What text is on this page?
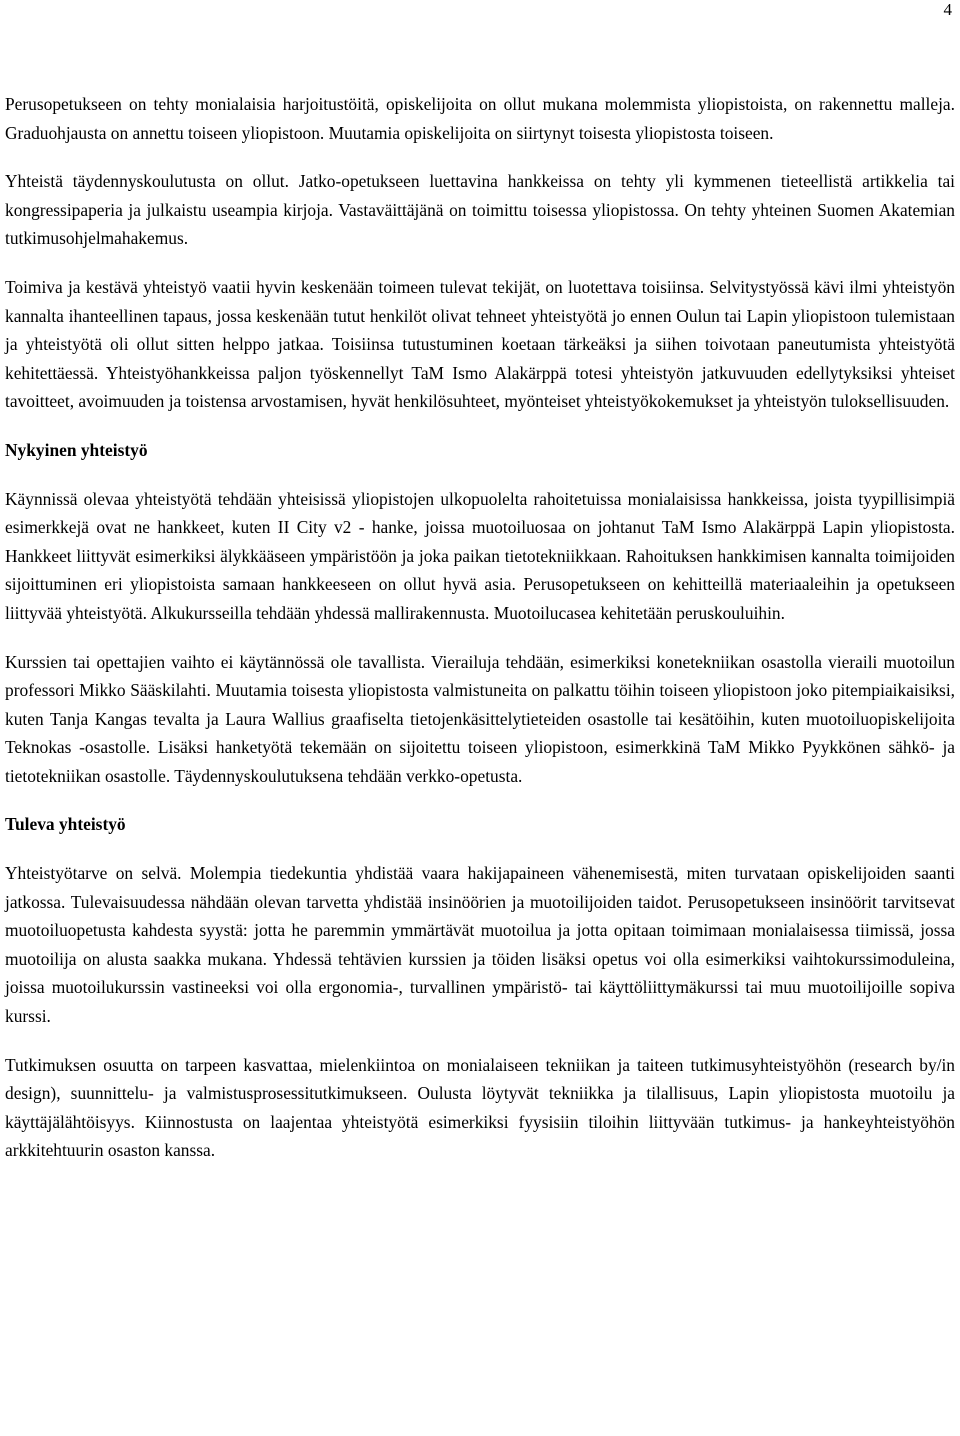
4

Perusopetukseen on tehty monialaisia harjoitustöitä, opiskelijoita on ollut mukana molemmista yliopistoista, on rakennettu malleja. Graduohjausta on annettu toiseen yliopistoon. Muutamia opiskelijoita on siirtynyt toisesta yliopistosta toiseen.

Yhteistä täydennyskoulutusta on ollut. Jatko-opetukseen luettavina hankkeissa on tehty yli kymmenen tieteellistä artikkelia tai kongressipaperia ja julkaistu useampia kirjoja. Vastaväittäjänä on toimittu toisessa yliopistossa. On tehty yhteinen Suomen Akatemian tutkimusohjelmahakemus.

Toimiva ja kestävä yhteistyö vaatii hyvin keskenään toimeen tulevat tekijät, on luotettava toisiinsa. Selvitystyössä kävi ilmi yhteistyön kannalta ihanteellinen tapaus, jossa keskenään tutut henkilöt olivat tehneet yhteistyötä jo ennen Oulun tai Lapin yliopistoon tulemistaan ja yhteistyötä oli ollut sitten helppo jatkaa. Toisiinsa tutustuminen koetaan tärkeäksi ja siihen toivotaan paneutumista yhteistyötä kehitettäessä. Yhteistyöhankkeissa paljon työskennellyt TaM Ismo Alakärppä totesi yhteistyön jatkuvuuden edellytyksiksi yhteiset tavoitteet, avoimuuden ja toistensa arvostamisen, hyvät henkilösuhteet, myönteiset yhteistyökokemukset ja yhteistyön tuloksellisuuden.

Nykyinen yhteistyö

Käynnissä olevaa yhteistyötä tehdään yhteisissä yliopistojen ulkopuolelta rahoitetuissa monialaisissa hankkeissa, joista tyypillisimpiä esimerkkejä ovat ne hankkeet, kuten II City v2 - hanke, joissa muotoiluosaa on johtanut TaM Ismo Alakärppä Lapin yliopistosta. Hankkeet liittyvät esimerkiksi älykkääseen ympäristöön ja joka paikan tietotekniikkaan. Rahoituksen hankkimisen kannalta toimijoiden sijoittuminen eri yliopistoista samaan hankkeeseen on ollut hyvä asia. Perusopetukseen on kehitteillä materiaaleihin ja opetukseen liittyvää yhteistyötä. Alkukursseilla tehdään yhdessä mallirakennusta. Muotoilucasea kehitetään peruskouluihin.

Kurssien tai opettajien vaihto ei käytännössä ole tavallista. Vierailuja tehdään, esimerkiksi konetekniikan osastolla vieraili muotoilun professori Mikko Sääskilahti. Muutamia toisesta yliopistosta valmistuneita on palkattu töihin toiseen yliopistoon joko pitempiaikaisiksi, kuten Tanja Kangas tevalta ja Laura Wallius graafiselta tietojenkäsittelytieteiden osastolle tai kesätöihin, kuten muotoiluopiskelijoita Teknokas -osastolle. Lisäksi hanketyötä tekemään on sijoitettu toiseen yliopistoon, esimerkkinä TaM Mikko Pyykkönen sähkö- ja tietotekniikan osastolle. Täydennyskoulutuksena tehdään verkko-opetusta.

Tuleva yhteistyö

Yhteistyötarve on selvä. Molempia tiedekuntia yhdistää vaara hakijapaineen vähenemisestä, miten turvataan opiskelijoiden saanti jatkossa. Tulevaisuudessa nähdään olevan tarvetta yhdistää insinöörien ja muotoilijoiden taidot. Perusopetukseen insinöörit tarvitsevat muotoiluopetusta kahdesta syystä: jotta he paremmin ymmärtävät muotoilua ja jotta opitaan toimimaan monialaisessa tiimissä, jossa muotoilija on alusta saakka mukana. Yhdessä tehtävien kurssien ja töiden lisäksi opetus voi olla esimerkiksi vaihtokurssimoduleina, joissa muotoilukurssin vastineeksi voi olla ergonomia-, turvallinen ympäristö- tai käyttöliittymäkurssi tai muu muotoilijoille sopiva kurssi.

Tutkimuksen osuutta on tarpeen kasvattaa, mielenkiintoa on monialaiseen tekniikan ja taiteen tutkimusyhteistyöhön (research by/in design), suunnittelu- ja valmistusprosessitutkimukseen. Oulusta löytyvät tekniikka ja tilallisuus, Lapin yliopistosta muotoilu ja käyttäjälähtöisyys. Kiinnostusta on laajentaa yhteistyötä esimerkiksi fyysisiin tiloihin liittyvään tutkimus- ja hankeyhteistyöhön arkkitehtuurin osaston kanssa.
